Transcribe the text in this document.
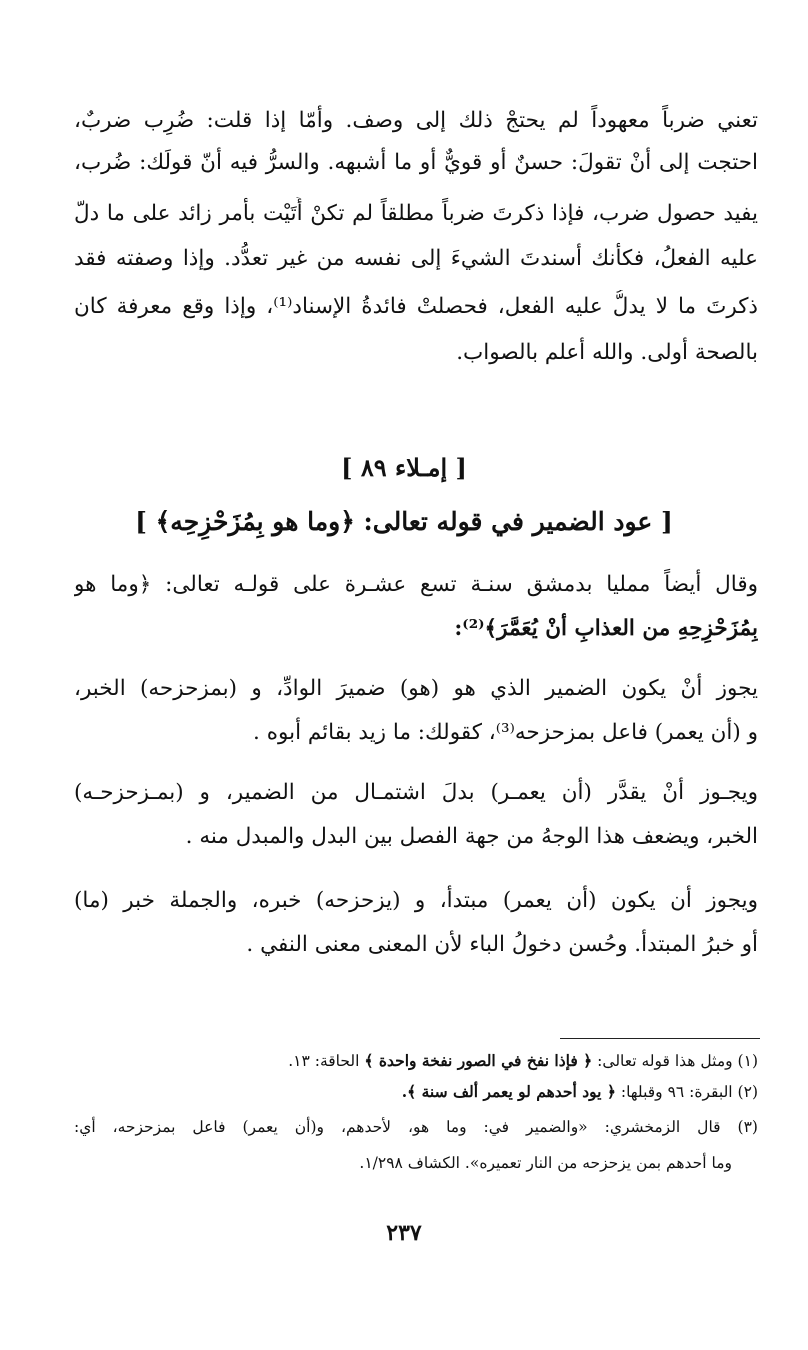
تعني ضرباً معهوداً لم يحتجْ ذلك إلى وصف. وأمّا إذا قلت: ضُرِب ضربٌ،
احتجت إلى أنْ تقولَ: حسنٌ أو قويٌّ أو ما أشبهه. والسرُّ فيه أنّ قولَك: ضُرب،
يفيد حصول ضرب، فإذا ذكرتَ ضرباً مطلقاً لم تكنْ أَتَيْت بأمر زائد على ما دلّ
عليه الفعلُ، فكأنك أسندتَ الشيءَ إلى نفسه من غير تعدُّد. وإذا وصفته فقد
ذكرتَ ما لا يدلُّ عليه الفعل، فحصلتْ فائدةُ الإسناد⁽¹⁾، وإذا وقع معرفة كان
بالصحة أولى. والله أعلم بالصواب.
[ إمـلاء ٨٩ ]
[ عود الضمير في قوله تعالى: ﴿وما هو بِمُزَحْزِحِه﴾ ]
وقال أيضاً ممليا بدمشق سنـة تسع عشـرة على قولـه تعالى: ﴿وما هو
بِمُزَحْزِحِهِ من العذابِ أنْ يُعَمَّرَ﴾⁽²⁾:
يجوز أنْ يكون الضمير الذي هو (هو) ضميرَ الوادِّ، و (بمزحزحه) الخبر،
و (أن يعمر) فاعل بمزحزحه⁽³⁾، كقولك: ما زيد بقائم أبوه .
ويجـوز أنْ يقدَّر (أن يعمـر) بدلَ اشتمـال من الضمير، و (بمـزحزحـه)
الخبر، ويضعف هذا الوجهُ من جهة الفصل بين البدل والمبدل منه .
ويجوز أن يكون (أن يعمر) مبتدأ، و (يزحزحه) خبره، والجملة خبر (ما)
أو خبرُ المبتدأ. وحُسن دخولُ الباء لأن المعنى معنى النفي .
(١) ومثل هذا قوله تعالى: ﴿ فإذا نفخ في الصور نفخة واحدة ﴾ الحاقة: ١٣.
(٢) البقرة: ٩٦ وقبلها: ﴿ يود أحدهم لو يعمر ألف سنة ﴾.
(٣) قال الزمخشري: «والضمير في: وما هو، لأحدهم، و(أن يعمر) فاعل بمزحزحه، أي:
وما أحدهم بمن يزحزحه من النار تعميره». الكشاف ١/٢٩٨.
٢٣٧
